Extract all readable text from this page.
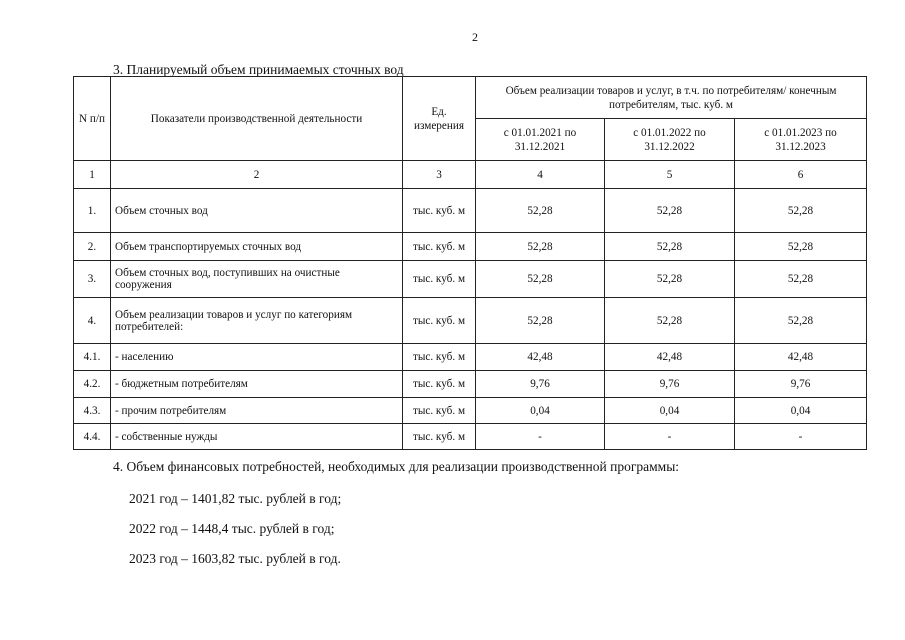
2
3. Планируемый объем принимаемых сточных вод
N п/п	Показатели производственной деятельности	Ед. измерения	Объем реализации товаров и услуг, в т.ч. по потребителям/ конечным потребителям, тыс. куб. м		
			с 01.01.2021 по 31.12.2021	с 01.01.2022 по 31.12.2022	с 01.01.2023 по 31.12.2023
1	2	3	4	5	6
1.	Объем сточных вод	тыс. куб. м	52,28	52,28	52,28
2.	Объем транспортируемых сточных вод	тыс. куб. м	52,28	52,28	52,28
3.	Объем сточных вод, поступивших на очистные сооружения	тыс. куб. м	52,28	52,28	52,28
4.	Объем реализации товаров и услуг по категориям потребителей:	тыс. куб. м	52,28	52,28	52,28
4.1.	- населению	тыс. куб. м	42,48	42,48	42,48
4.2.	- бюджетным потребителям	тыс. куб. м	9,76	9,76	9,76
4.3.	- прочим потребителям	тыс. куб. м	0,04	0,04	0,04
4.4.	- собственные нужды	тыс. куб. м	-	-	-
4. Объем финансовых потребностей, необходимых для реализации производственной программы:
2021 год – 1401,82 тыс. рублей в год;
2022 год – 1448,4 тыс. рублей в год;
2023 год – 1603,82 тыс. рублей в год.
